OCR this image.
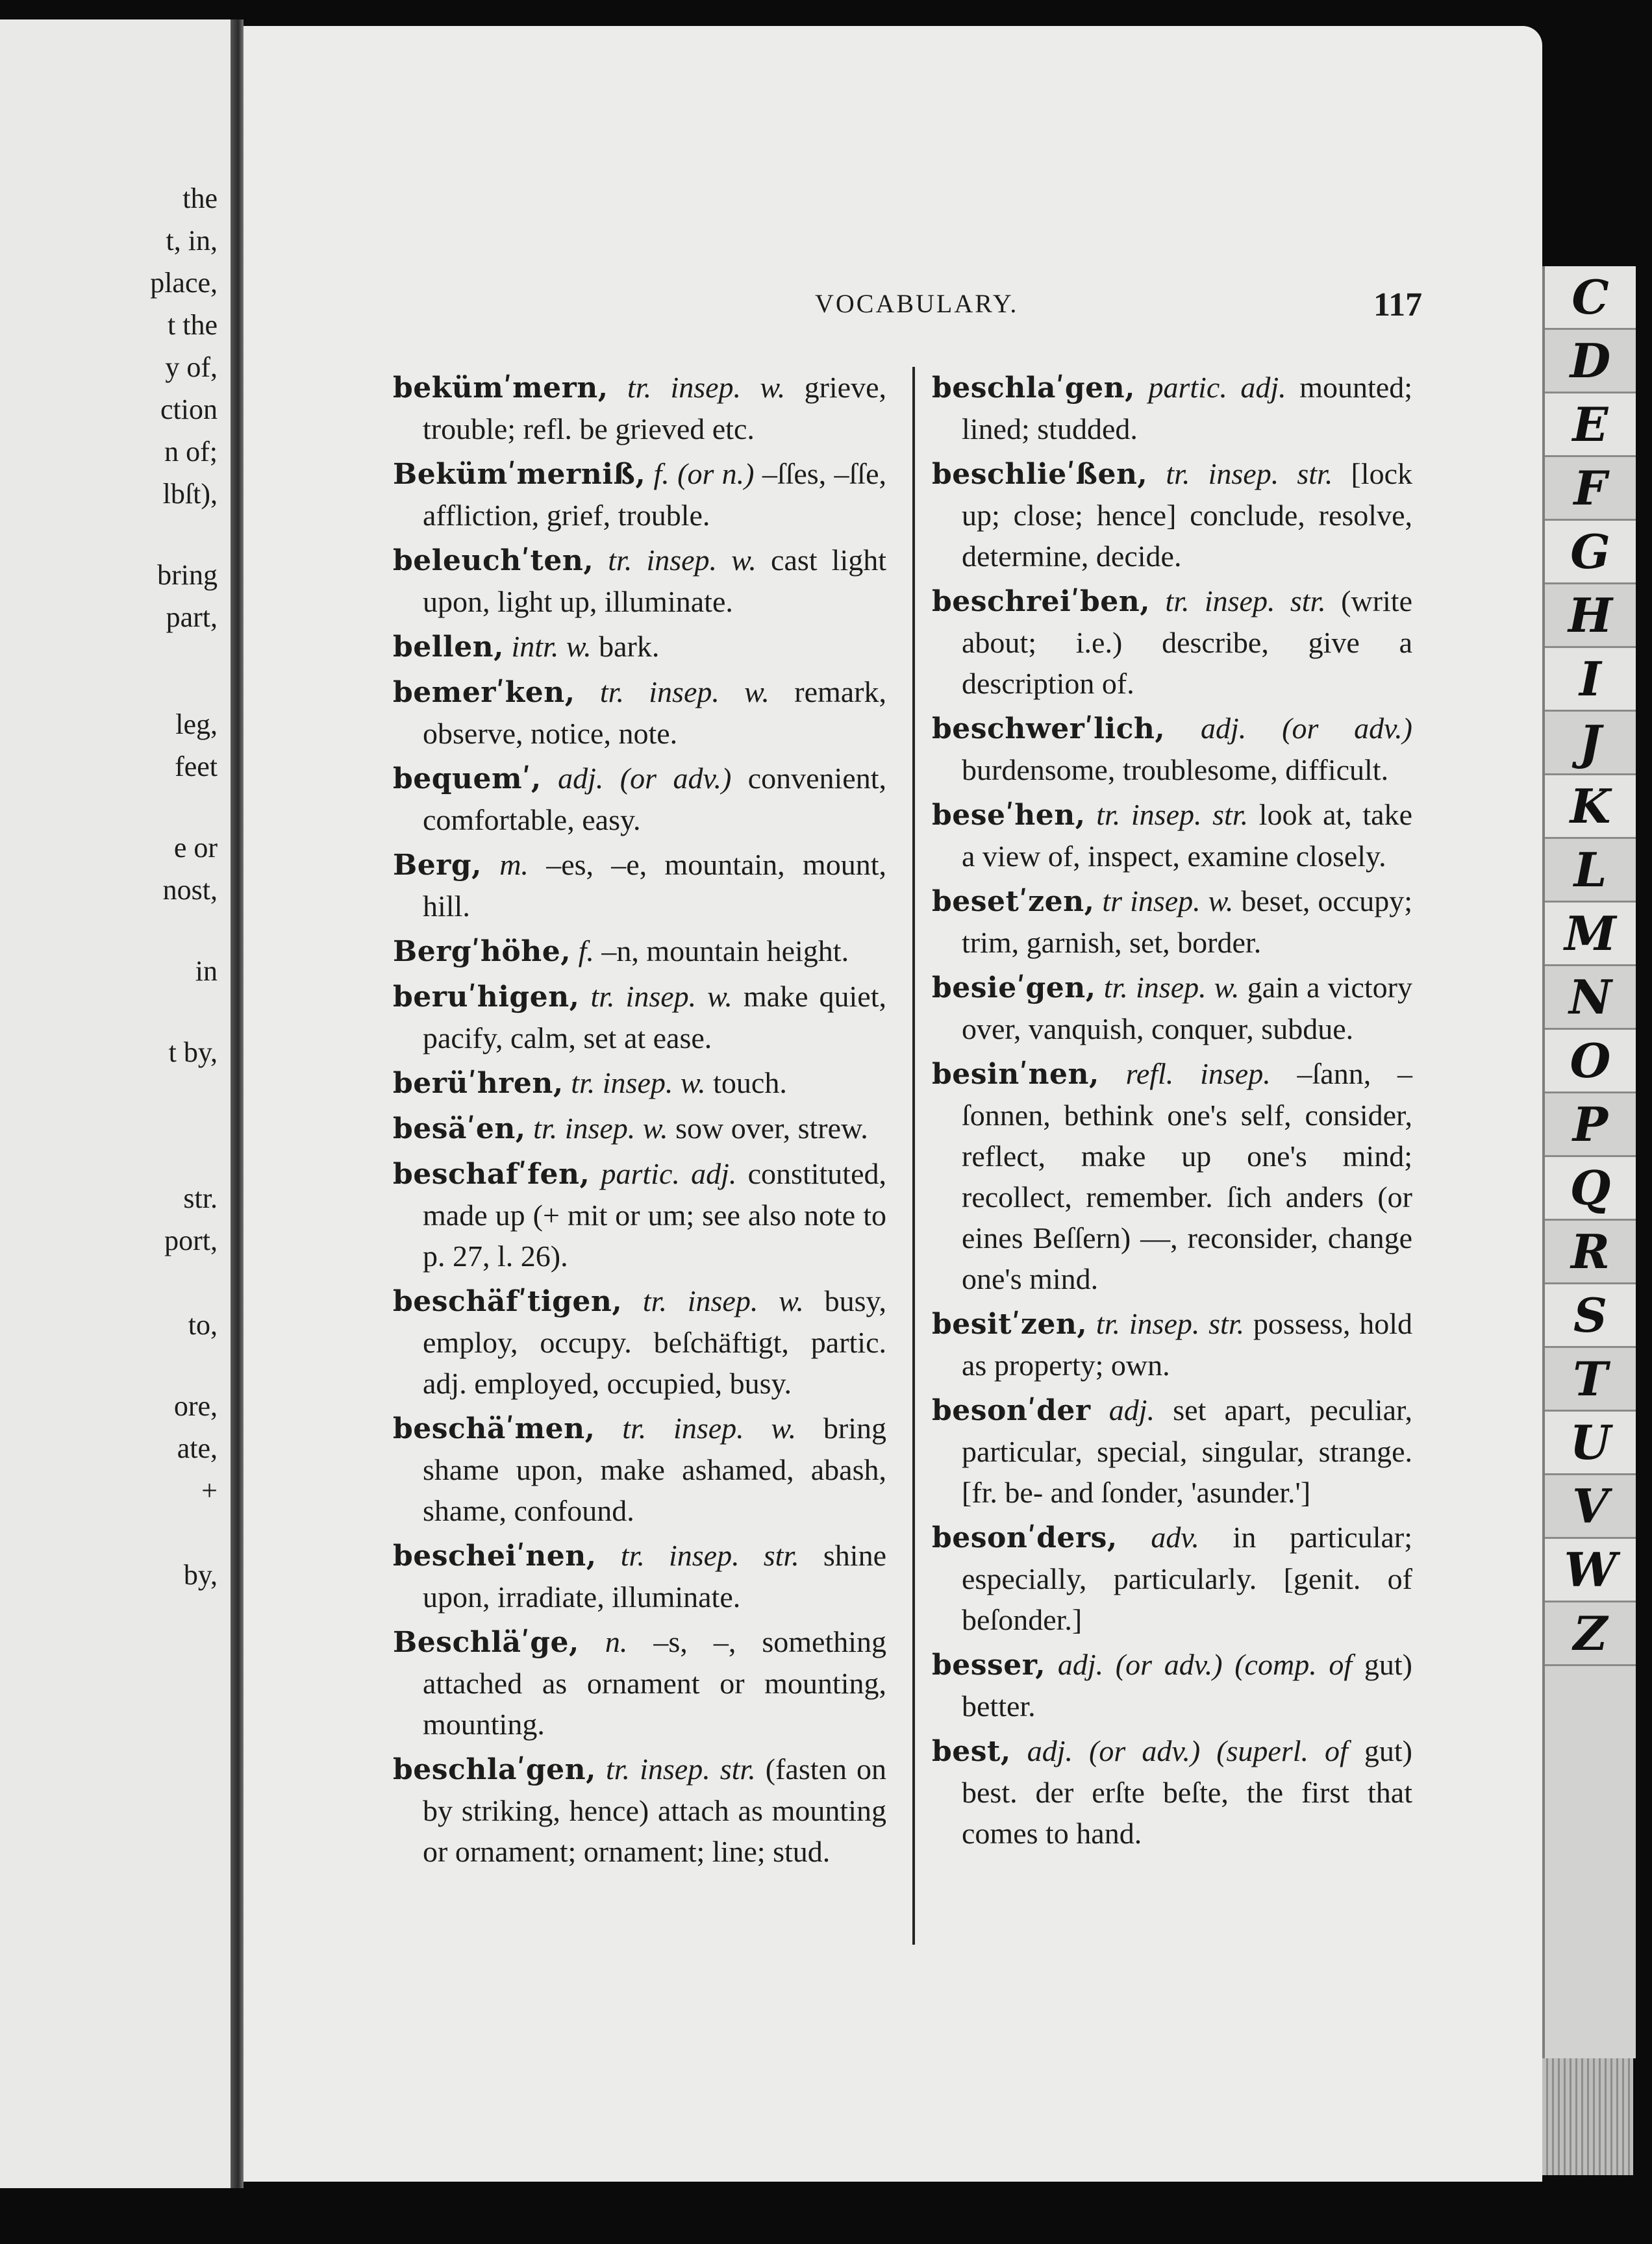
the
t, in,
place,
t the
y of,
ction
n of;
lbſt),
bring
part,
leg,
feet
e or
nost,
in
t by,
str.
port,
to,
ore,
ate,
+
by,
VOCABULARY.	117
bekümʹmern, tr. insep. w. grieve, trouble; refl. be grieved etc.
Bekümʹmerniß, f. (or n.) –ſſes, –ſſe, affliction, grief, trouble.
beleuchʹten, tr. insep. w. cast light upon, light up, illuminate.
bellen, intr. w. bark.
bemerʹken, tr. insep. w. remark, observe, notice, note.
bequemʹ, adj. (or adv.) convenient, comfortable, easy.
Berg, m. –es, –e, mountain, mount, hill.
Bergʹhöhe, f. –n, mountain height.
beruʹhigen, tr. insep. w. make quiet, pacify, calm, set at ease.
berüʹhren, tr. insep. w. touch.
besäʹen, tr. insep. w. sow over, strew.
beschafʹfen, partic. adj. constituted, made up (+ mit or um; see also note to p. 27, l. 26).
beschäfʹtigen, tr. insep. w. busy, employ, occupy. beſchäftigt, partic. adj. employed, occupied, busy.
beschäʹmen, tr. insep. w. bring shame upon, make ashamed, abash, shame, confound.
bescheiʹnen, tr. insep. str. shine upon, irradiate, illuminate.
Beschläʹge, n. –s, –, something attached as ornament or mounting, mounting.
beschlaʹgen, tr. insep. str. (fasten on by striking, hence) attach as mounting or ornament; ornament; line; stud.
beschlaʹgen, partic. adj. mounted; lined; studded.
beschlieʹßen, tr. insep. str. [lock up; close; hence] conclude, resolve, determine, decide.
beschreiʹben, tr. insep. str. (write about; i.e.) describe, give a description of.
beschwerʹlich, adj. (or adv.) burdensome, troublesome, difficult.
beseʹhen, tr. insep. str. look at, take a view of, inspect, examine closely.
besetʹzen, tr insep. w. beset, occupy; trim, garnish, set, border.
besieʹgen, tr. insep. w. gain a victory over, vanquish, conquer, subdue.
besinʹnen, refl. insep. –ſann, –ſonnen, bethink one's self, consider, reflect, make up one's mind; recollect, remember. ſich anders (or eines Beſſern) —, reconsider, change one's mind.
besitʹzen, tr. insep. str. possess, hold as property; own.
besonʹder adj. set apart, peculiar, particular, special, singular, strange. [fr. be- and ſonder, 'asunder.']
besonʹders, adv. in particular; especially, particularly. [genit. of beſonder.]
besser, adj. (or adv.) (comp. of gut) better.
best, adj. (or adv.) (superl. of gut) best. der erſte beſte, the first that comes to hand.
C
D
E
F
G
H
I
J
K
L
M
N
O
P
Q
R
S
T
U
V
W
Z
